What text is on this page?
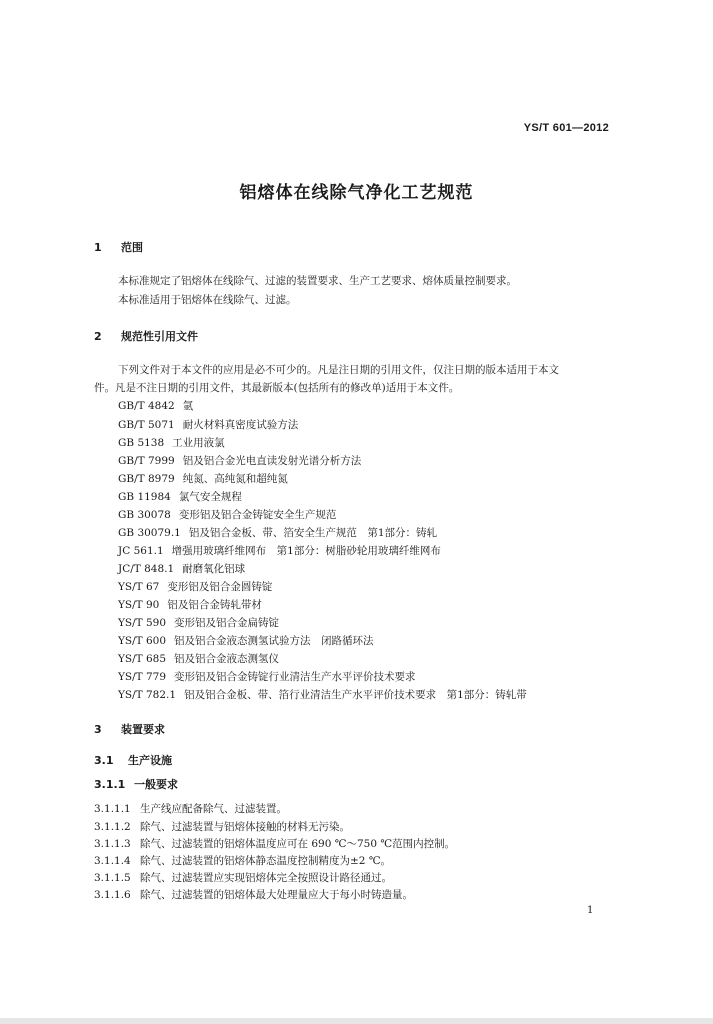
YS/T 601—2012
铝熔体在线除气净化工艺规范
1 范围
本标准规定了铝熔体在线除气、过滤的装置要求、生产工艺要求、熔体质量控制要求。
本标准适用于铝熔体在线除气、过滤。
2 规范性引用文件
下列文件对于本文件的应用是必不可少的。凡是注日期的引用文件，仅注日期的版本适用于本文
件。凡是不注日期的引用文件，其最新版本(包括所有的修改单)适用于本文件。
GB/T 4842 氩
GB/T 5071 耐火材料真密度试验方法
GB 5138 工业用液氯
GB/T 7999 铝及铝合金光电直读发射光谱分析方法
GB/T 8979 纯氮、高纯氮和超纯氮
GB 11984 氯气安全规程
GB 30078 变形铝及铝合金铸锭安全生产规范
GB 30079.1 铝及铝合金板、带、箔安全生产规范　第1部分：铸轧
JC 561.1 增强用玻璃纤维网布　第1部分：树脂砂轮用玻璃纤维网布
JC/T 848.1 耐磨氧化铝球
YS/T 67 变形铝及铝合金圆铸锭
YS/T 90 铝及铝合金铸轧带材
YS/T 590 变形铝及铝合金扁铸锭
YS/T 600 铝及铝合金液态测氢试验方法　闭路循环法
YS/T 685 铝及铝合金液态测氢仪
YS/T 779 变形铝及铝合金铸锭行业清洁生产水平评价技术要求
YS/T 782.1 铝及铝合金板、带、箔行业清洁生产水平评价技术要求　第1部分：铸轧带
3 装置要求
3.1 生产设施
3.1.1 一般要求
3.1.1.1 生产线应配备除气、过滤装置。
3.1.1.2 除气、过滤装置与铝熔体接触的材料无污染。
3.1.1.3 除气、过滤装置的铝熔体温度应可在 690 ℃～750 ℃范围内控制。
3.1.1.4 除气、过滤装置的铝熔体静态温度控制精度为±2 ℃。
3.1.1.5 除气、过滤装置应实现铝熔体完全按照设计路径通过。
3.1.1.6 除气、过滤装置的铝熔体最大处理量应大于每小时铸造量。
1
